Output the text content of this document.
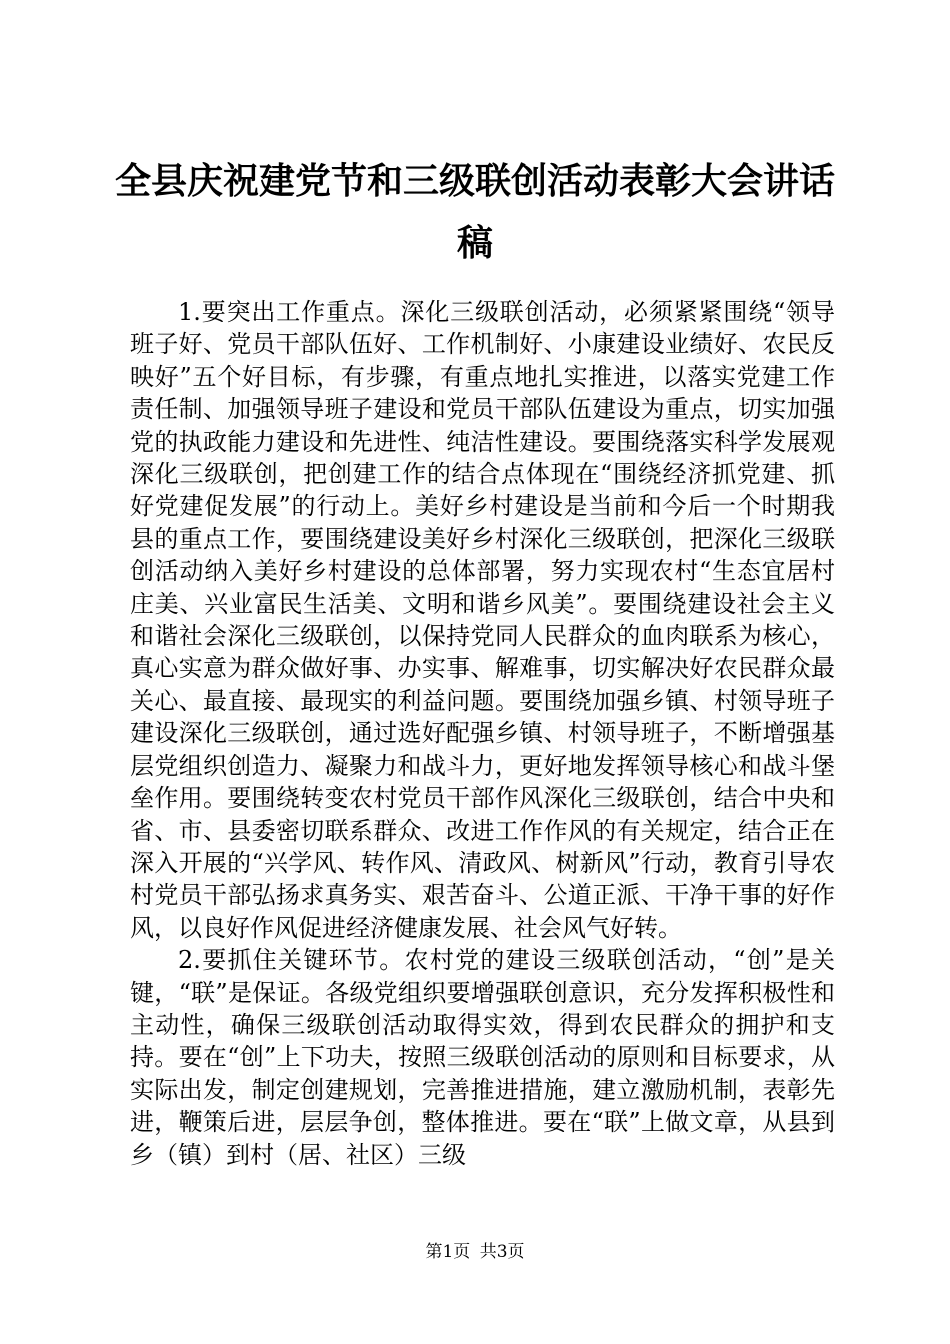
全县庆祝建党节和三级联创活动表彰大会讲话稿

1.要突出工作重点。深化三级联创活动，必须紧紧围绕“领导班子好、党员干部队伍好、工作机制好、小康建设业绩好、农民反映好”五个好目标，有步骤，有重点地扎实推进，以落实党建工作责任制、加强领导班子建设和党员干部队伍建设为重点，切实加强党的执政能力建设和先进性、纯洁性建设。要围绕落实科学发展观深化三级联创，把创建工作的结合点体现在“围绕经济抓党建、抓好党建促发展”的行动上。美好乡村建设是当前和今后一个时期我县的重点工作，要围绕建设美好乡村深化三级联创，把深化三级联创活动纳入美好乡村建设的总体部署，努力实现农村“生态宜居村庄美、兴业富民生活美、文明和谐乡风美”。要围绕建设社会主义和谐社会深化三级联创，以保持党同人民群众的血肉联系为核心，真心实意为群众做好事、办实事、解难事，切实解决好农民群众最关心、最直接、最现实的利益问题。要围绕加强乡镇、村领导班子建设深化三级联创，通过选好配强乡镇、村领导班子，不断增强基层党组织创造力、凝聚力和战斗力，更好地发挥领导核心和战斗堡垒作用。要围绕转变农村党员干部作风深化三级联创，结合中央和省、市、县委密切联系群众、改进工作作风的有关规定，结合正在深入开展的“兴学风、转作风、清政风、树新风”行动，教育引导农村党员干部弘扬求真务实、艰苦奋斗、公道正派、干净干事的好作风，以良好作风促进经济健康发展、社会风气好转。

2.要抓住关键环节。农村党的建设三级联创活动，“创”是关键，“联”是保证。各级党组织要增强联创意识，充分发挥积极性和主动性，确保三级联创活动取得实效，得到农民群众的拥护和支持。要在“创”上下功夫，按照三级联创活动的原则和目标要求，从实际出发，制定创建规划，完善推进措施，建立激励机制，表彰先进，鞭策后进，层层争创，整体推进。要在“联”上做文章，从县到乡（镇）到村（居、社区）三级

第1页 共3页
